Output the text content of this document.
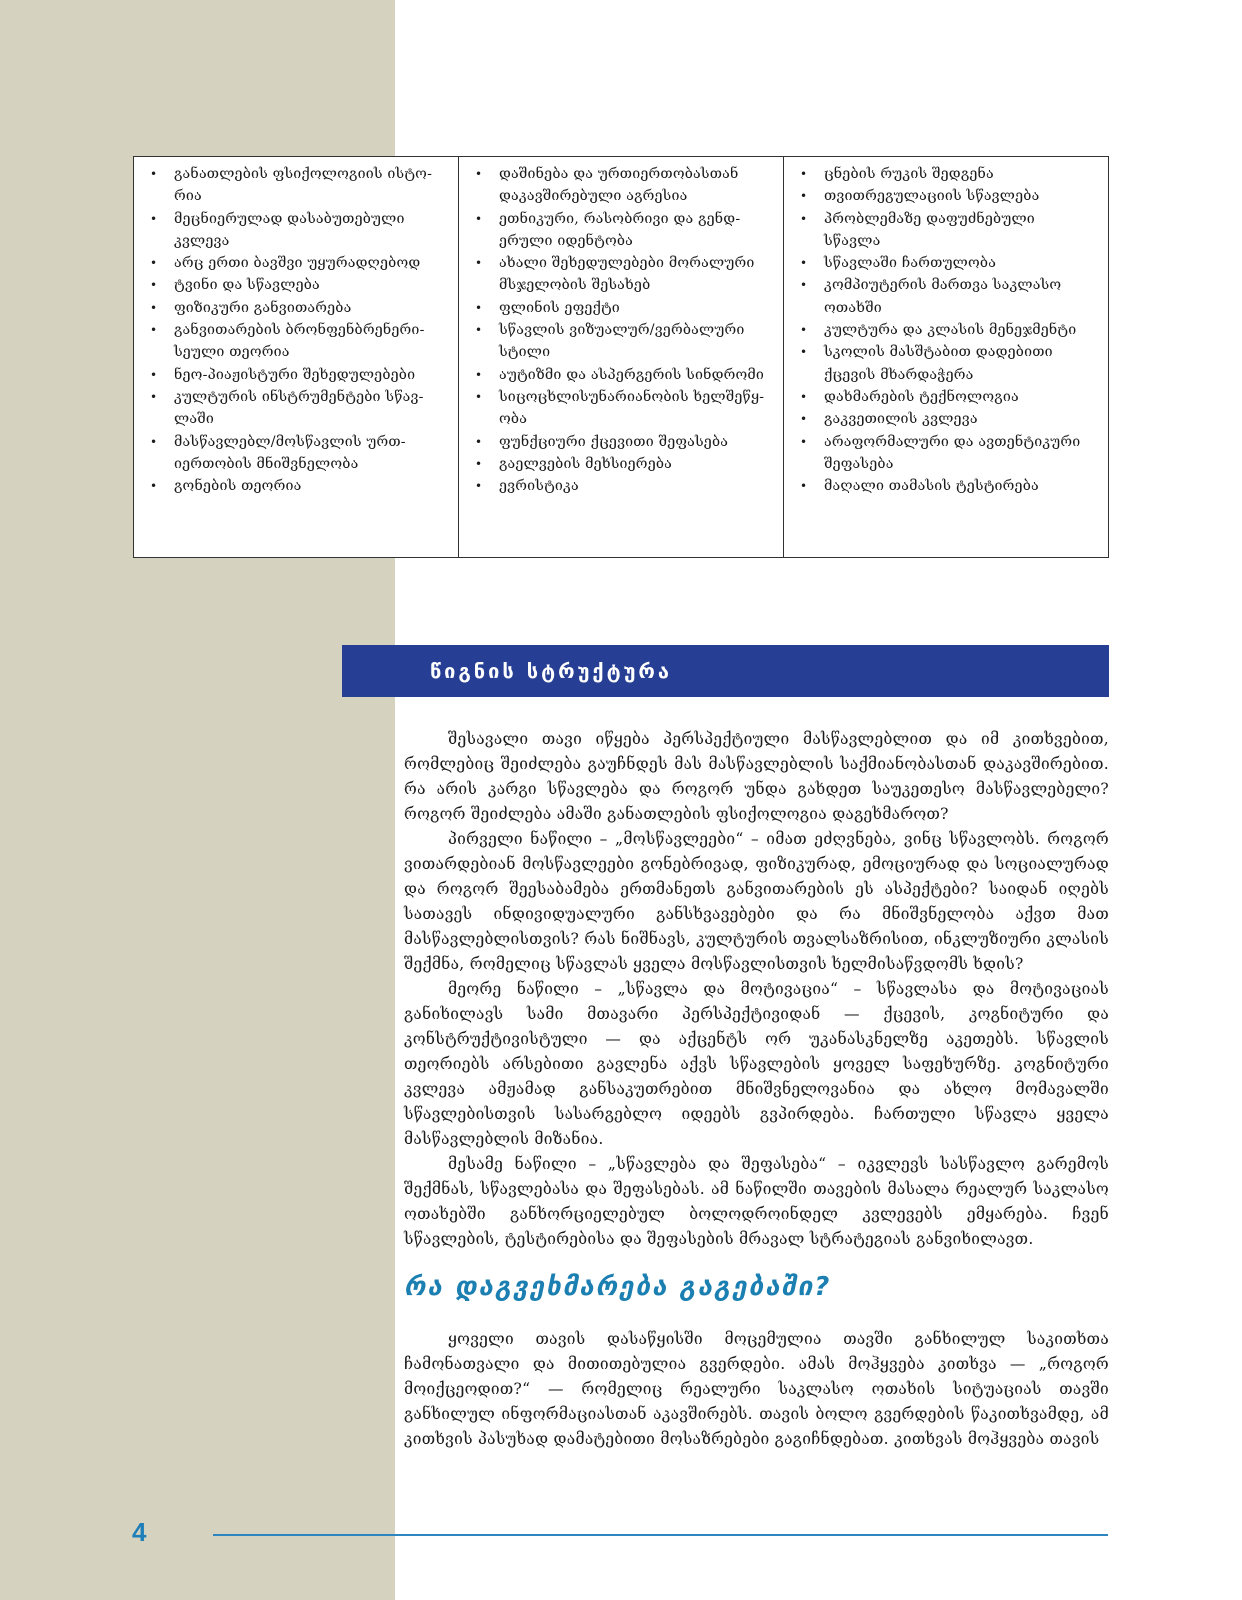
• განათლების ფსიქოლოგიის ისტო-
რია
• მეცნიერულად დასაბუთებული
კვლევა
• არც ერთი ბავშვი უყურადღებოდ
• ტვინი და სწავლება
• ფიზიკური განვითარება
• განვითარების ბრონფენბრენერი-
სეული თეორია
• ნეო-პიაჟისტური შეხედულებები
• კულტურის ინსტრუმენტები სწავ-
ლაში
• მასწავლებლ/მოსწავლის ურთ-
იერთობის მნიშვნელობა
• გონების თეორია
• დაშინება და ურთიერთობასთან
დაკავშირებული აგრესია
• ეთნიკური, რასობრივი და გენდ-
ერული იდენტობა
• ახალი შეხედულებები მორალური
მსჯელობის შესახებ
• ფლინის ეფექტი
• სწავლის ვიზუალურ/ვერბალური
სტილი
• აუტიზმი და ასპერგერის სინდრომი
• სიცოცხლისუნარიანობის ხელშეწყ-
ობა
• ფუნქციური ქცევითი შეფასება
• გაელვების მეხსიერება
• ევრისტიკა
• ცნების რუკის შედგენა
• თვითრეგულაციის სწავლება
• პრობლემაზე დაფუძნებული
სწავლა
• სწავლაში ჩართულობა
• კომპიუტერის მართვა საკლასო
ოთახში
• კულტურა და კლასის მენეჯმენტი
• სკოლის მასშტაბით დადებითი
ქცევის მხარდაჭერა
• დახმარების ტექნოლოგია
• გაკვეთილის კვლევა
• არაფორმალური და ავთენტიკური
შეფასება
• მაღალი თამასის ტესტირება
წიგნის სტრუქტურა

შესავალი თავი იწყება პერსპექტიული მასწავლებლით და იმ კითხვებით, რომლებიც შეიძლება გაუჩნდეს მას მასწავლებლის საქმიანობასთან დაკავშირებით. რა არის კარგი სწავლება და როგორ უნდა გახდეთ საუკეთესო მასწავლებელი? როგორ შეიძლება ამაში განათლების ფსიქოლოგია დაგეხმაროთ?

პირველი ნაწილი – „მოსწავლეები“ – იმათ ეძღვნება, ვინც სწავლობს. როგორ ვითარდებიან მოსწავლეები გონებრივად, ფიზიკურად, ემოციურად და სოციალურად და როგორ შეესაბამება ერთმანეთს განვითარების ეს ასპექტები? საიდან იღებს სათავეს ინდივიდუალური განსხვავებები და რა მნიშვნელობა აქვთ მათ მასწავლებლისთვის? რას ნიშნავს, კულტურის თვალსაზრისით, ინკლუზიური კლასის შექმნა, რომელიც სწავლას ყველა მოსწავლისთვის ხელმისაწვდომს ხდის?

მეორე ნაწილი – „სწავლა და მოტივაცია“ – სწავლასა და მოტივაციას განიხილავს სამი მთავარი პერსპექტივიდან — ქცევის, კოგნიტური და კონსტრუქტივისტული — და აქცენტს ორ უკანასკნელზე აკეთებს. სწავლის თეორიებს არსებითი გავლენა აქვს სწავლების ყოველ საფეხურზე. კოგნიტური კვლევა ამჟამად განსაკუთრებით მნიშვნელოვანია და ახლო მომავალში სწავლებისთვის სასარგებლო იდეებს გვპირდება. ჩართული სწავლა ყველა მასწავლებლის მიზანია.

მესამე ნაწილი – „სწავლება და შეფასება“ – იკვლევს სასწავლო გარემოს შექმნას, სწავლებასა და შეფასებას. ამ ნაწილში თავების მასალა რეალურ საკლასო ოთახებში განხორციელებულ ბოლოდროინდელ კვლევებს ემყარება. ჩვენ სწავლების, ტესტირებისა და შეფასების მრავალ სტრატეგიას განვიხილავთ.

რა დაგვეხმარება გაგებაში?

ყოველი თავის დასაწყისში მოცემულია თავში განხილულ საკითხთა ჩამონათვალი და მითითებულია გვერდები. ამას მოჰყვება კითხვა — „როგორ მოიქცეოდით?“ — რომელიც რეალური საკლასო ოთახის სიტუაციას თავში განხილულ ინფორმაციასთან აკავშირებს. თავის ბოლო გვერდების წაკითხვამდე, ამ კითხვის პასუხად დამატებითი მოსაზრებები გაგიჩნდებათ. კითხვას მოჰყვება თავის

4
